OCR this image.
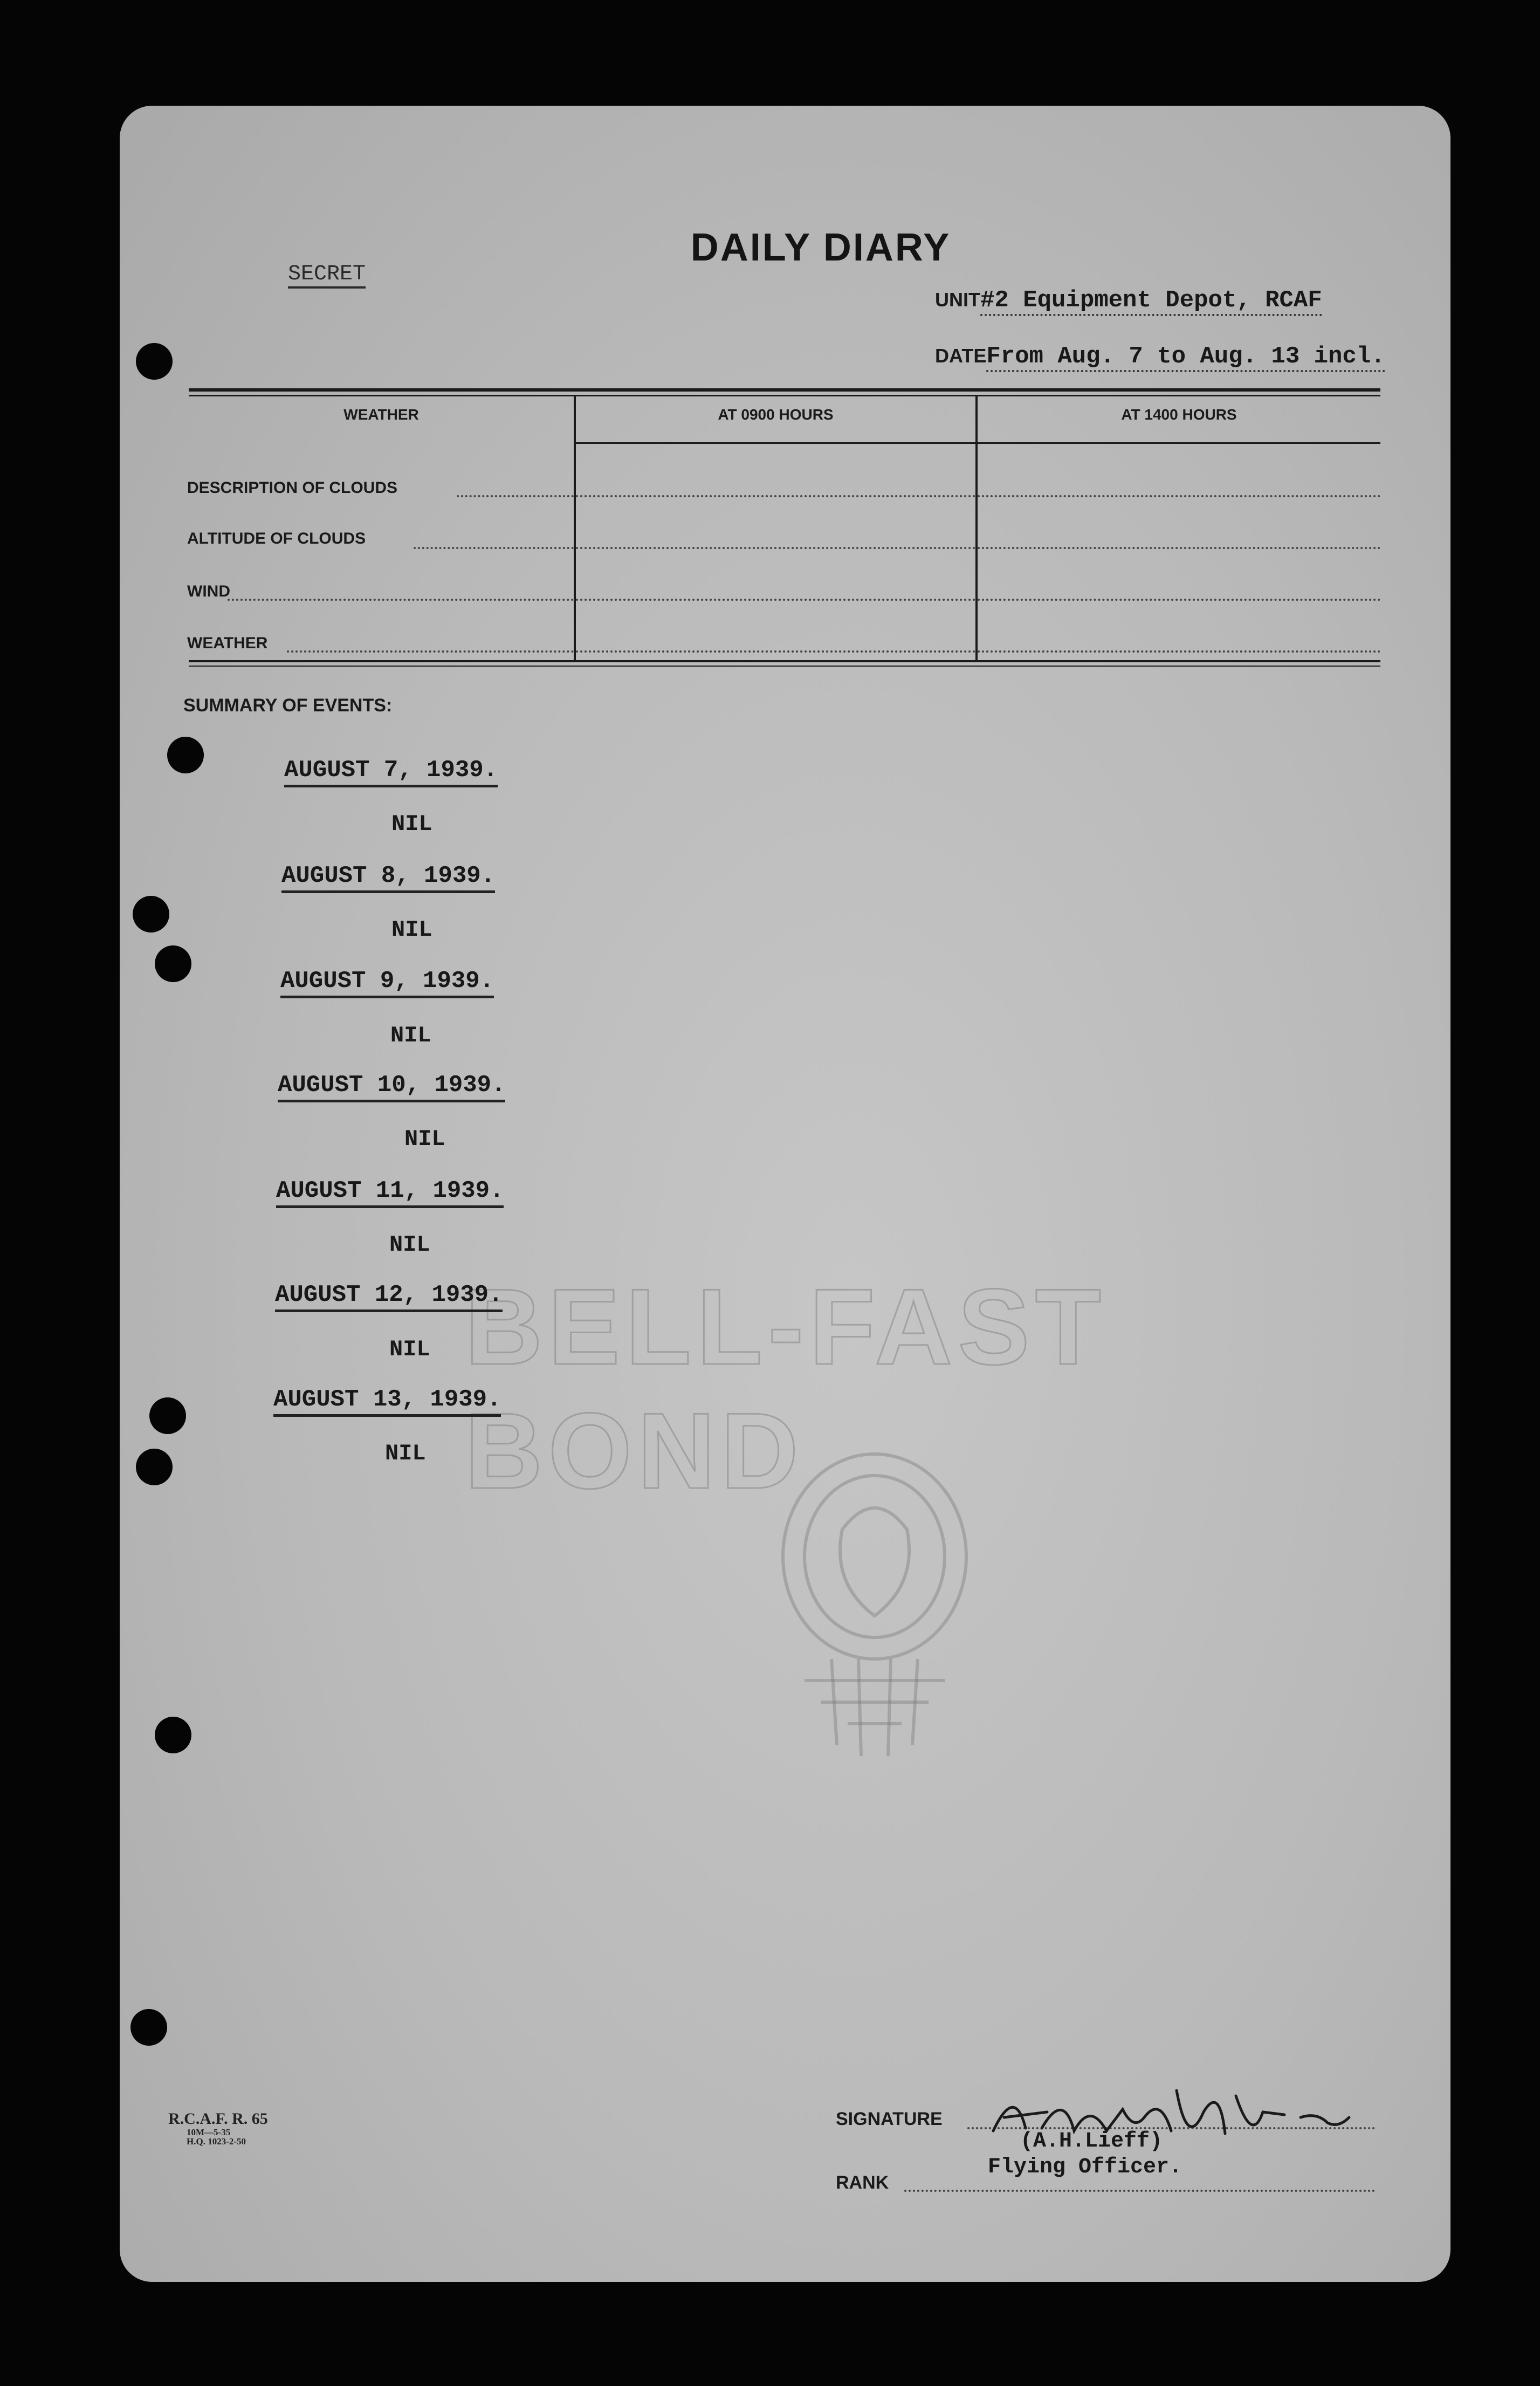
BELL-FAST BOND
DAILY DIARY
SECRET
UNIT#2 Equipment Depot, RCAF
DATEFrom Aug. 7 to Aug. 13 incl.
WEATHER	AT 0900 HOURS	AT 1400 HOURS
DESCRIPTION OF CLOUDS
ALTITUDE OF CLOUDS
WIND
WEATHER
SUMMARY OF EVENTS:
AUGUST 7, 1939.
NIL
AUGUST 8, 1939.
NIL
AUGUST 9, 1939.
NIL
AUGUST 10, 1939.
NIL
AUGUST 11, 1939.
NIL
AUGUST 12, 1939.
NIL
AUGUST 13, 1939.
NIL
R.C.A.F. R. 65
10M—5-35
H.Q. 1023-2-50
SIGNATURE
(A.H.Lieff)
Flying Officer.
RANK
